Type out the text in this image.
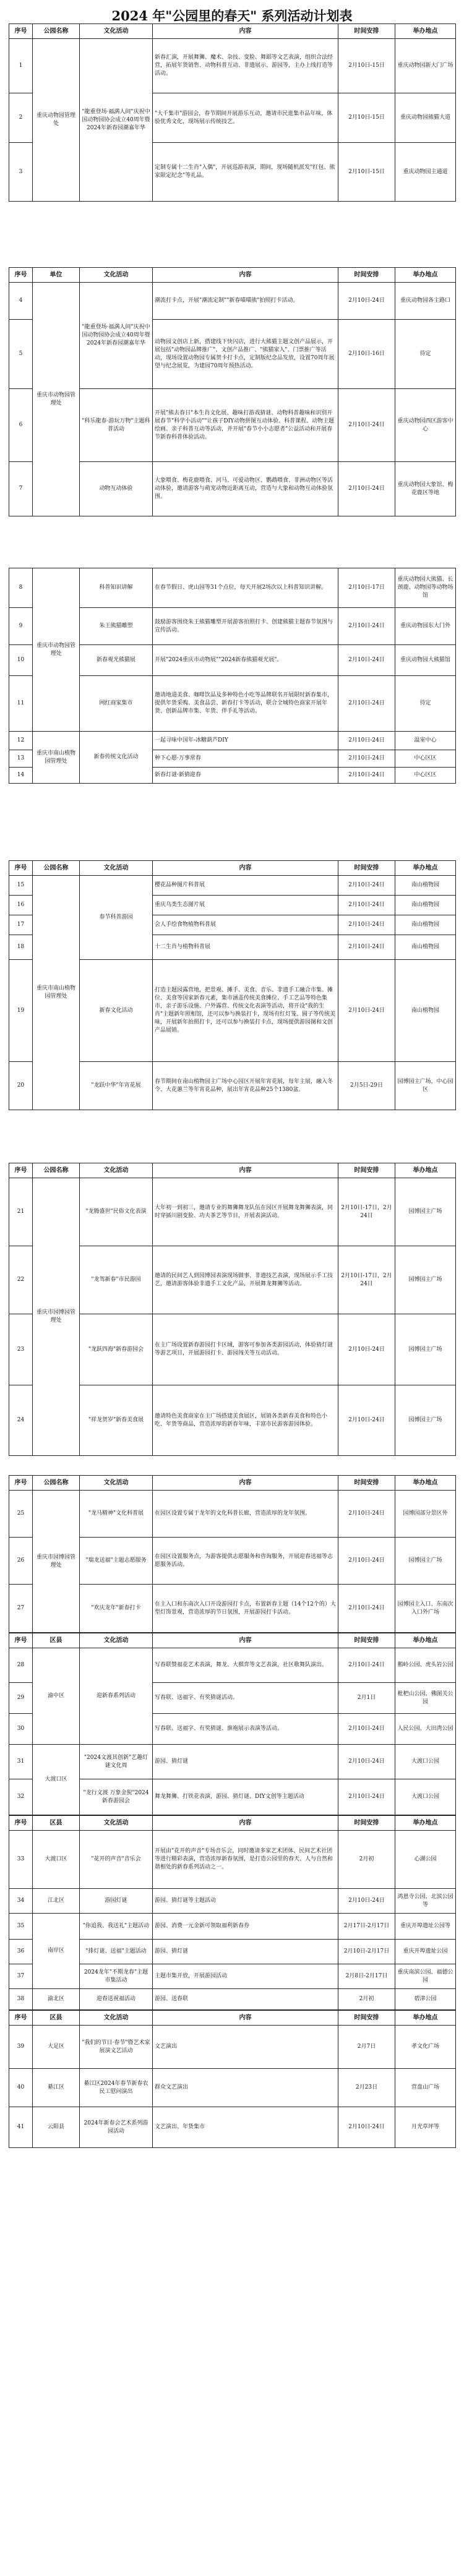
2024 年"公园里的春天" 系列活动计划表
序号	公园名称	文化活动	内容	时间安排	举办地点
1	重庆动物园管理处	"龍重登场·福满人间"庆祝中国动物园协会成立40周年暨2024年新春园潮嘉年华	新春汇演，开展舞狮、魔术、杂技、变脸、舞蹈等文艺表演，组织合法经营，拓展年货销售、动物科普互动、非遗展示、游园等，主办上线打造等活动。	2月10日-15日	重庆动物园新大门广场
2			"大千集市"游园会，春节期间开展游乐互动，邀请市民逛集市品年味，体验优秀文化，现场展示传统技艺。	2月10日-15日	重庆动物园熊猫大道
3			定制专属十二生肖"入偶"，开展巡游表演，期间，现场随机派发"红包、熊家限定纪念"等礼品。	2月10日-15日	重庆动物园主通道
序号	单位	文化活动	内容	时间安排	举办地点
4	重庆市动物园管理处	"龍重登场·福满人间"庆祝中国动物园协会成立40周年暨2024年新春园潮嘉年华	潮流打卡点，开展"潮流定制""新春喵喵熊"拍照打卡活动。	2月10日-24日	重庆动物园各主路口
5			动物园文创店上新，搭建线下快闪店，进行大熊猫主题文创产品展示，开展包括"动物园品牌推广"、文创产品推广、"熊猫家人"、门票推广等活动，现场设置动物园专属贺卡打卡点，定制版纪念品发放，设置70周年展望与纪念展览，为建园70周年预热活动。	2月10日-16日	待定
6		"科乐龍春·游玩万物"主题科普活动	开展"熊去春日"本生肖文化展、趣味打游戏猜谜、动物科普趣味和识别开展春节"科学小活动""让孩子DIY动物拼图互动体验、科普课程、动物主题绘画、亲子科普互动等活动，并开展"春节小小志愿者"公益活动和开展春节新春科普体验活动。	2月10日-24日	重庆动物园西区游客中心
7		动物互动体验	大象喂食、梅花鹿喂食、河马、可爱动物区、鹦鹉喂食、非洲动物区等活动体验，邀请游客与萌宠动物近距离互动，营造与大象和动物互动体验氛围。	2月10日-24日	重庆动物园大象馆、梅花鹿区等地
8	重庆市动物园管理处	科普知识讲解	在春节假日、虎山园等31个点位，每天开展2场次以上科普知识讲解。	2月10日-17日	重庆动物园大熊猫、长颈鹿、动物园等动物场馆
9		朱王熊猫雕塑	鼓励游客围绕朱王熊猫雕塑开展游客拍照打卡、创建熊猫主题春节氛围与宣传活动。	2月10日-24日	重庆动物园东大门外
10		新春观光熊猫展	开展"2024重庆市动物展""2024新春熊猫观光展"。	2月10日-24日	重庆动物园大熊猫馆
11		网红商家集市	邀请地道美食、咖啡饮品及多种特色小吃等品牌联名开展限时新春集市，提供年货采购、美食品尝、新春打卡等活动，联合全城特色商家开展年货、创新品牌市集、年货、伴手礼等活动。	2月10日-24日	待定
12	重庆市南山植物园管理处	新春传统文化活动	一起寻味中国年-冰糖葫芦DIY	2月10日-24日	温室中心
13			种下心愿·万事常春	2月10日-24日	中心区区
14			新春灯谜·新猜迎春	2月10日-24日	中心区区
序号	公园名称	文化活动	内容	时间安排	举办地点
15	重庆市南山植物园管理处	春节科普游园	樱花品种图片科普展	2月10日-24日	南山植物园
16			重庆乌类生态图片展	2月10日-24日	南山植物园
17			会人手绘食物植物科普展	2月10日-24日	南山植物园
18			十二生肖与植物科普展	2月10日-24日	南山植物园
19		新春文化活动	打造主题园露营地，把景观、摊手、美食、音乐、非遗手工融合市集、摊位、美食等国家新春元素，集市涵盖传统美食摊位、手工艺品等特色集市，亲子游乐设施、户外露营、传统文化表演等活动，将开设"我的生肖"主题新年照相馆，还可以参与换装打卡，现场有红灯笼、圆子等传统美味，开展新年拍照打卡，还可以参与换装打卡点，现场提供游园图和文创产品展销。	2月10日-24日	南山植物园
20		"龙跃中华"年宵花展	春节期间在南山植物园主广场中心园区开展年宵花展，每年主展，融入冬令、大花蕙兰等年宵花品种，展出年宵花品种25个1380盆。	2月5日-29日	园博园主广场，中心园区
序号	公园名称	文化活动	内容	时间安排	举办地点
21	重庆市园博园管理处	"龙腾盛世"民俗文化表演	大年初一到初三，邀请专业的舞狮舞龙队伍在园区开展舞龙舞狮表演，同时穿插川剧变脸、功夫茶艺等节目，开展表演活动。	2月10日-17日，2月24日	园博园主广场
22		"龙驾新春"市民游园	邀请的民间艺人到园博园表演现场做事、非遗技艺表演，现场展示手工技艺，邀请游客体验非遗手工文化产品，开展舞龙舞狮等活动。	2月10日-17日，2月24日	园博园主广场
23		"龙跃四海"新春游园会	在主广场设置新春游园打卡区域，游客可参加各类游园活动，体验猜灯谜等游艺项目，开展游园打卡、游园闯关等互动活动。	2月10日-24日	园博园主广场
24		"祥龙贺岁"新春美食展	邀请特色美食商家在主广场搭建美食展区，展销各类新春美食和特色小吃、年货等商品，营造浓厚的新春年味，丰富市民游客游园体验。	2月10日-24日	园博园主广场
序号	公园名称	文化活动	内容	时间安排	举办地点
25	重庆市园博园管理处	"龙马精神"文化科普展	在园区设置专属于龙年的文化科普长廊，营造浓厚的龙年氛围。	2月10日-24日	园博园部分景区外
26		"瑞龙送福"主题志愿服务	在园区设置服务点，为游客提供志愿服务和咨询服务，开展迎春送福等志愿服务活动。	2月10日-24日	园博园主广场
27		"欢庆龙年"新春打卡	在主入口和东南次入口开设游园打卡点，布置新春主题（14个12个的）大型灯饰景观，营造浓厚的节日氛围，开展游园打卡活动。	2月10日-24日	园博园主入口、东南次入口外广场
序号	区县	文化活动	内容	时间安排	举办地点
28	渝中区	迎新春系列活动	写春联赞福花艺术表演，舞龙、大棋弈等文艺表演，社区歌舞队演出。	2月10日-24日	鹅岭公园、虎头岩公园
29			写春联、送福字、有奖猜谜活动。	2月1日	枇杷山公园、佛图关公园
30			写春联、送福字、有奖猜谜、旗袍展示表演等活动。	2月10日-24日	人民公园、大田湾公园
31	大渡口区	"2024文渡其创新"艺趣灯谜文化周	游园、猜灯谜	2月10日-24日	大渡口公园
32		"龙行文渡 万象金猊"2024新春游园会	舞龙舞狮、打铁花表演，游园、猜灯谜、DIY文创等主题活动	2月10日-24日	大渡口公园
序号	区县	文化活动	内容	时间安排	举办地点
33	大渡口区	"花开的声音"音乐会	开展由"花开的声音"专场音乐会，同时邀请多家艺术团体、民间艺术社团等进行精彩表演，营造浓厚新春氛围，是打造公园里的春天、人与自然和谐相处的新春系列活动之一。	2月初	心湖公园
34	江北区	游园灯谜	游园、猜灯谜等主题活动	2月10日-24日	鸿恩寺公园、北滨公园等
35	南岸区	"你追我、我送礼"主题活动	游园、消费一元金新可领取福利新春券	2月17日-2月17日	重庆开埠遗址公园等
36		"排灯谜、送福"主题活动	游园、猜灯谜	2月10日-2月17日	重庆开埠遗址公园
37		2024龙年"不期龙春"主题市集活动	主题市集开放，开展游园活动	2月8日-2月17日	重庆南滨公园、福德公园
38	渝北区	迎春送祝福活动	游园、送春联	2月初	碧津公园
序号	区县	文化活动	内容	时间安排	举办地点
39	大足区	"我们的节日·春节"暨艺术家展演文艺活动	文艺演出	2月7日	孝文化广场
40	綦江区	綦江区2024年春节新春农民工慰问演出	群众文艺演出	2月23日	营盘山广场
41	云阳县	2024年新春会艺术系列游园活动	文艺演出、年货集市	2月10日-24日	月光草坪等
